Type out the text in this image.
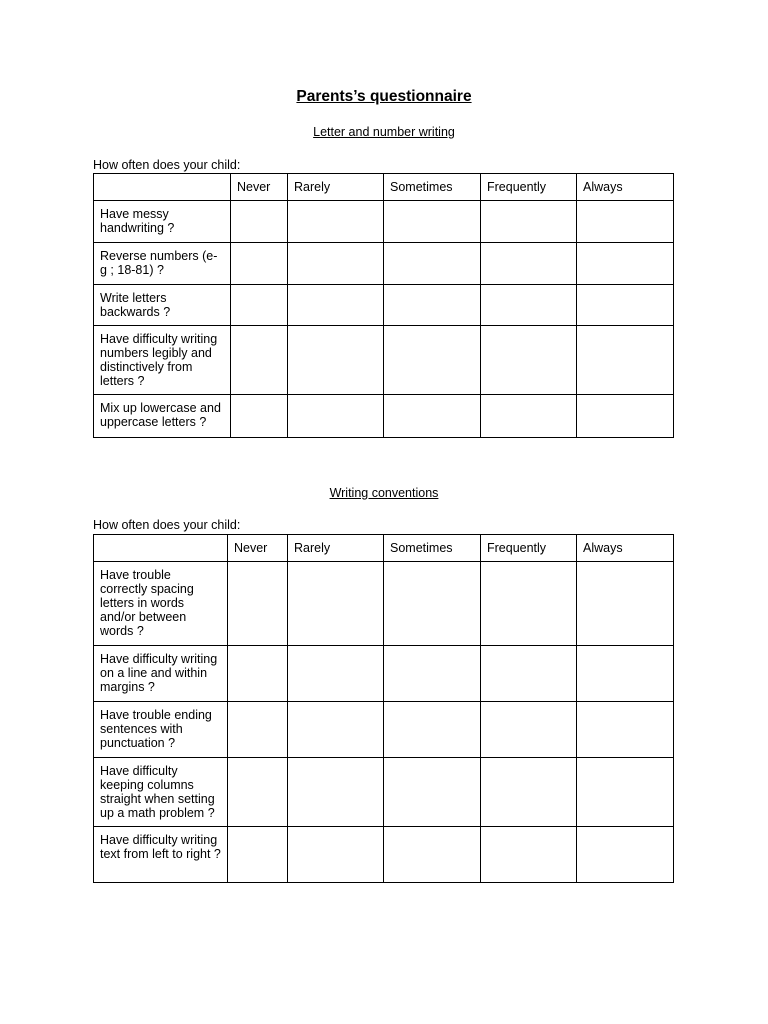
Parents’s questionnaire
Letter and number writing
How often does your child:
	Never	Rarely	Sometimes	Frequently	Always
Have messy handwriting ?					
Reverse numbers (e-g ; 18-81) ?					
Write letters backwards ?					
Have difficulty writing numbers legibly and distinctively from letters ?					
Mix up lowercase and uppercase letters ?					
Writing conventions
How often does your child:
	Never	Rarely	Sometimes	Frequently	Always
Have trouble correctly spacing letters in words and/or between words ?					
Have difficulty writing on a line and within margins ?					
Have trouble ending sentences with punctuation ?					
Have difficulty keeping columns straight when setting up a math problem ?					
Have difficulty writing text from left to right ?					
